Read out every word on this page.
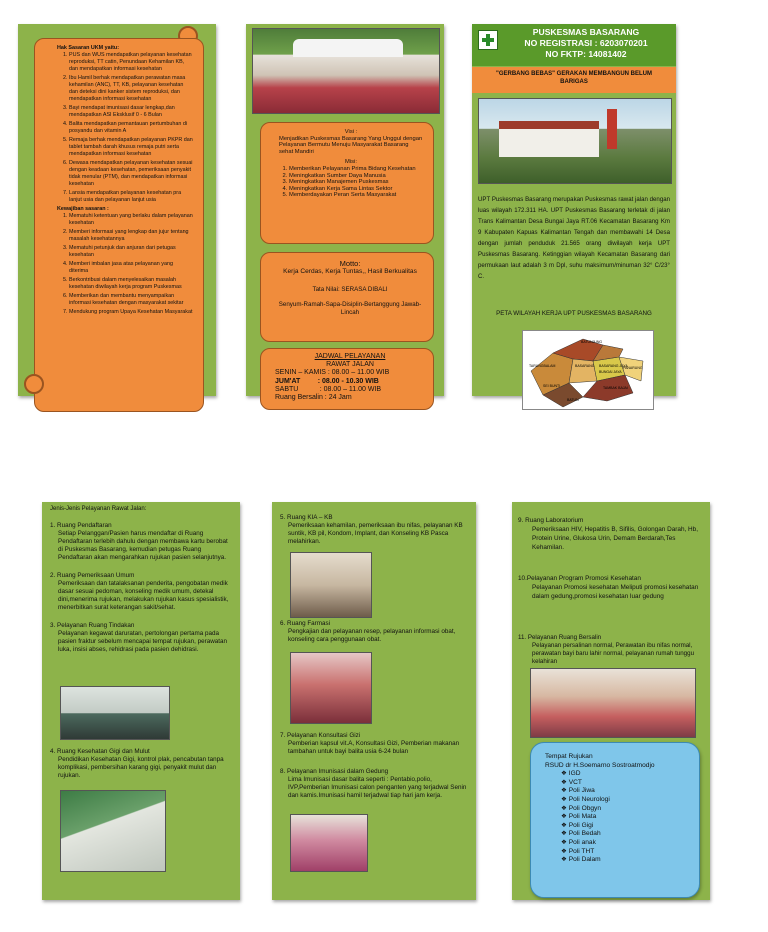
Hak Sasaran UKM yaitu:
1. PUS dan WUS mendapatkan pelayanan kesehatan reproduksi, TT catin, Penundaan Kehamilan KB, dan mendapatkan informasi kesehatan
2. Ibu Hamil berhak mendapatkan perawatan masa kehamilan (ANC), TT, KB, pelayanan kesehatan dan deteksi dini kanker sistem reproduksi, dan mendapatkan informasi kesehatan
3. Bayi mendapat imunisasi dasar lengkap,dan mendapatkan ASI Eksklusif 0 - 6 Bulan
4. Balita mendapatkan pemantauan pertumbuhan di posyandu dan vitamin A
5. Remaja berhak mendapatkan pelayanan PKPR dan tablet tambah darah khusus remaja putri serta mendapatkan informasi kesehatan
6. Dewasa mendapatkan pelayanan kesehatan sesuai dengan keadaan kesehatan, pemeriksaan penyakit tidak menular (PTM), dan mendapatkan informasi kesehatan
7. Lansia mendapatkan pelayanan kesehatan pra lanjut usia dan pelayanan lanjut usia
Kewajiban sasaran :
1. Mematuhi ketentuan yang berlaku dalam pelayanan kesehatan
2. Memberi informasi yang lengkap dan jujur tentang masalah kesehatannya
3. Mematuhi petunjuk dan anjuran dari petugas kesehatan
4. Memberi imbalan jasa atas pelayanan yang diterima
5. Berkontribusi dalam menyelesaikan masalah kesehatan diwilayah kerja program Puskesmas
6. Memberikan dan membantu menyampaikan informasi kesehatan dengan masyarakat sekitar
7. Mendukung program Upaya Kesehatan Masyarakat
Visi :
Menjadikan Puskesmas Basarang Yang Unggul dengan Pelayanan Bermutu Menuju Masyarakat Basarang sehat Mandiri
Misi:
1. Memberikan Pelayanan Prima Bidang Kesehatan
2. Meningkatkan Sumber Daya Manusia
3. Meningkatkan Manajemen Puskesmas
4. Meningkatkan Kerja Sama Lintas Sektor
5. Memberdayakan Peran Serta Masyarakat
Motto:
Kerja Cerdas, Kerja Tuntas,, Hasil Berkualitas
Tata Nilai: SERASA DIBALI
Senyum-Ramah-Sapa-Disiplin-Bertanggung Jawab-Lincah
JADWAL PELAYANAN
RAWAT JALAN
SENIN – KAMIS : 08.00 – 11.00 WIB
JUM'AT         : 08.00 - 10.30 WIB
SABTU           : 08.00 – 11.00 WIB
Ruang Bersalin : 24 Jam
PUSKESMAS BASARANG
NO REGISTRASI : 6203070201
NO FKTP: 14081402
"GERBANG BEBAS" GERAKAN MEMBANGUN BELUM BARIGAS
UPT Puskesmas Basarang merupakan Puskesmas rawat jalan dengan luas wilayah 172.311 HA. UPT Puskesmas Basarang terletak di jalan Trans Kalimantan Desa Bungai Jaya RT.06 Kecamatan Basarang Km 9 Kabupaten Kapuas Kalimantan Tengah dan membawahi 14 Desa dengan jumlah penduduk 21.565 orang diwilayah kerja UPT Puskesmas Basarang. Ketinggian wilayah Kecamatan Basarang dari permukaan laut adalah 3 m Dpl, suhu maksimum/minuman 32° C/23° C.
PETA WILAYAH KERJA UPT PUSKESMAS BASARANG
BATUNJUNG
BASARANG
TARUNGBALAM	BASARANG JAYA
BUNGAI JAYA
PANARUNG
TAMBAK BAJAI
SEI BUNTI
BATUN
Jenis-Jenis Pelayanan Rawat Jalan:
1. Ruang Pendaftaran
Setiap Pelanggan/Pasien harus mendaftar di Ruang Pendaftaran terlebih dahulu dengan membawa kartu berobat di Puskesmas Basarang, kemudian petugas Ruang Pendaftaran akan mengarahkan rujukan pasien selanjutnya.
2. Ruang Pemeriksaan Umum
Pemeriksaan dan tatalaksanan penderita, pengobatan medik dasar sesuai pedoman, konseling medik umum, detekal dini,menerima rujukan, melakukan rujukan kasus spesialistik, menerbitkan surat keterangan sakit/sehat.
3. Pelayanan Ruang Tindakan
Pelayanan kegawat daruratan, pertolongan pertama pada pasien fraktur sebelum mencapai tempat rujukan, perawatan luka, insisi abses, rehidrasi pada pasien dehidrasi.
4. Ruang Kesehatan Gigi dan Mulut
Pendidikan Kesehatan Gigi, kontrol plak, pencabutan tanpa komplikasi, pembersihan karang gigi, penyakit mulut dan rujukan.
5. Ruang KIA – KB
Pemeriksaan kehamilan, pemeriksaan ibu nifas, pelayanan KB suntik, KB pil, Kondom, Implant, dan Konseling KB Pasca melahirkan.
6. Ruang Farmasi
Pengkajian dan pelayanan resep, pelayanan informasi obat, konseling cara penggunaan obat.
7. Pelayanan Konsultasi Gizi
Pemberian kapsul vit.A, Konsultasi Gizi, Pemberian makanan tambahan untuk bayi balita usia 6-24 bulan
8. Pelayanan Imunisasi dalam Gedung
Lima Imunisasi dasar balita seperti : Pentabio,polio, IVP,Pemberian Imunisasi calon penganten yang terjadwal Senin dan kamis.Imunisasi hamil terjadwal tiap hari jam kerja.
9. Ruang Laboratorium
Pemeriksaan HIV, Hepatitis B, Sifilis, Golongan Darah, Hb, Protein Urine, Glukosa Urin, Demam Berdarah,Tes Kehamilan.
10.Pelayanan Program Promosi Kesehatan
Pelayanan Promosi kesehatan Meliputi promosi kesehatan dalam gedung,promosi kesehatan luar gedung
11. Pelayanan Ruang Bersalin
Pelayanan persalinan normal, Perawatan ibu nifas normal, perawatan bayi baru lahir normal, pelayanan rumah tunggu kelahiran
Tempat Rujukan
RSUD dr H.Soemarno Sostroatmodjo
❖ IGD
❖ VCT
❖ Poli Jiwa
❖ Poli Neurologi
❖ Poli Obgyn
❖ Poli Mata
❖ Poli Gigi
❖ Poli Bedah
❖ Poli anak
❖ Poli THT
❖ Poli Dalam
